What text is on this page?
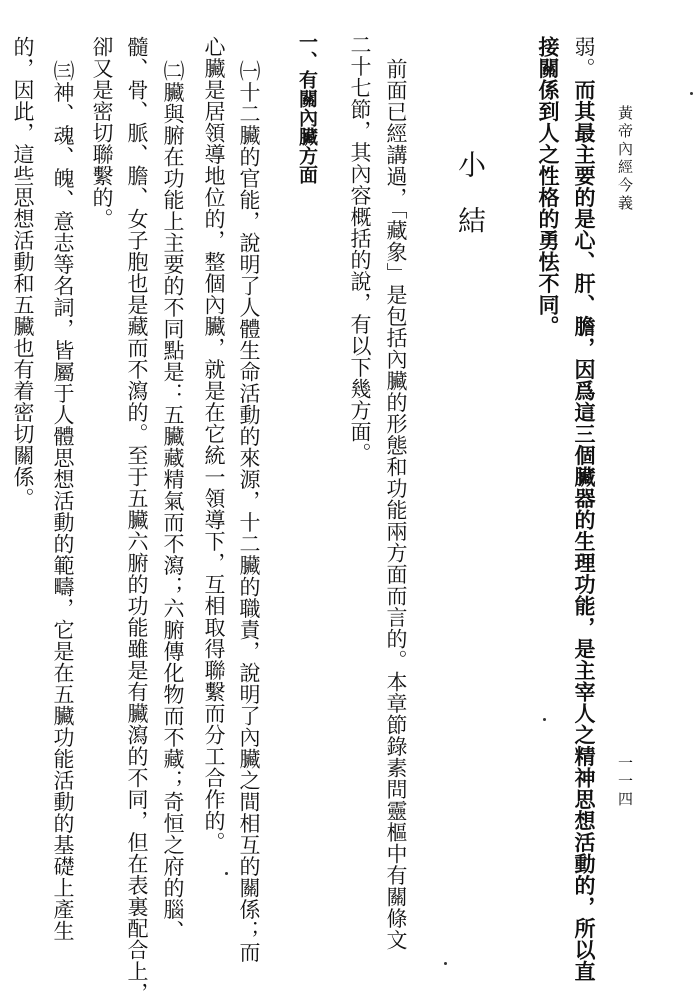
黃帝內經今義
一一四
弱。而其最主要的是心、肝、膽，因爲這三個臟器的生理功能，是主宰人之精神思想活動的，所以直
接關係到人之性格的勇怯不同。
小　結
前面已經講過，「藏象」是包括內臟的形態和功能兩方面而言的。本章節錄素問靈樞中有關條文
二十七節，其內容概括的說，有以下幾方面。
一、有關內臟方面
㈠十二臟的官能，說明了人體生命活動的來源，十二臟的職責，說明了內臟之間相互的關係；而
心臟是居領導地位的，整個內臟，就是在它統一領導下，互相取得聯繫而分工合作的。
㈡臟與腑在功能上主要的不同點是：五臟藏精氣而不瀉；六腑傳化物而不藏；奇恒之府的腦、
髓、骨、脈、膽、女子胞也是藏而不瀉的。至于五臟六腑的功能雖是有臟瀉的不同，但在表裏配合上，
卻又是密切聯繫的。
㈢神、魂、魄、意志等名詞，皆屬于人體思想活動的範疇，它是在五臟功能活動的基礎上產生
的，因此，這些思想活動和五臟也有着密切關係。
